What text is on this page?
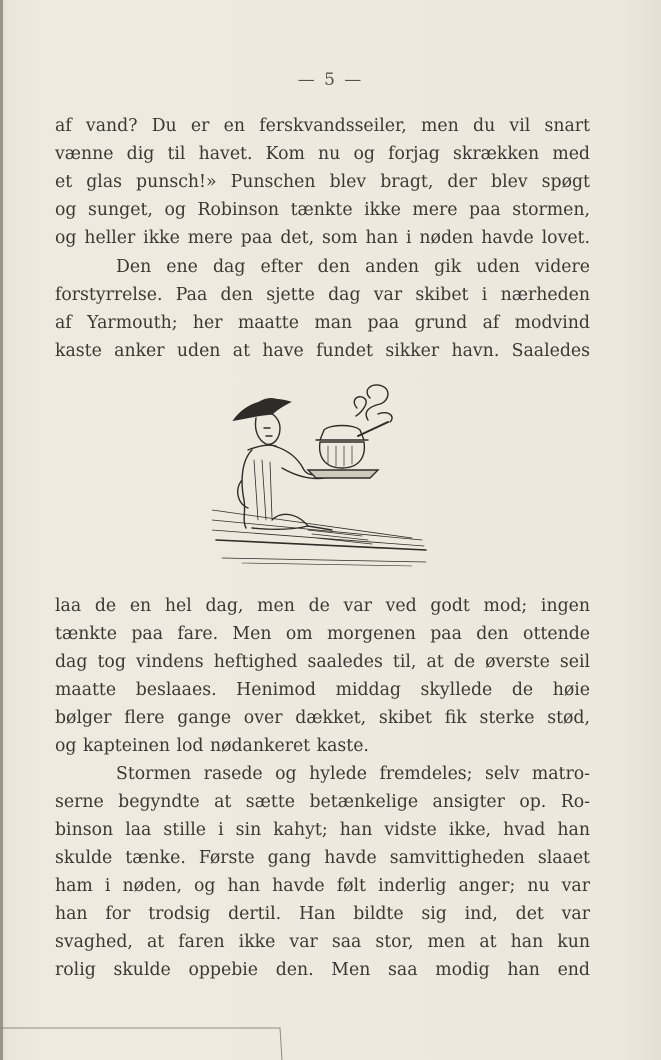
— 5 —
af vand? Du er en ferskvandsseiler, men du vil snart
vænne dig til havet. Kom nu og forjag skrækken med
et glas punsch!» Punschen blev bragt, der blev spøgt
og sunget, og Robinson tænkte ikke mere paa stormen,
og heller ikke mere paa det, som han i nøden havde lovet.
Den ene dag efter den anden gik uden videre
forstyrrelse. Paa den sjette dag var skibet i nærheden
af Yarmouth; her maatte man paa grund af modvind
kaste anker uden at have fundet sikker havn. Saaledes
laa de en hel dag, men de var ved godt mod; ingen
tænkte paa fare. Men om morgenen paa den ottende
dag tog vindens heftighed saaledes til, at de øverste seil
maatte beslaaes. Henimod middag skyllede de høie
bølger flere gange over dækket, skibet fik sterke stød,
og kapteinen lod nødankeret kaste.
Stormen rasede og hylede fremdeles; selv matro-
serne begyndte at sætte betænkelige ansigter op. Ro-
binson laa stille i sin kahyt; han vidste ikke, hvad han
skulde tænke. Første gang havde samvittigheden slaaet
ham i nøden, og han havde følt inderlig anger; nu var
han for trodsig dertil. Han bildte sig ind, det var
svaghed, at faren ikke var saa stor, men at han kun
rolig skulde oppebie den. Men saa modig han end
